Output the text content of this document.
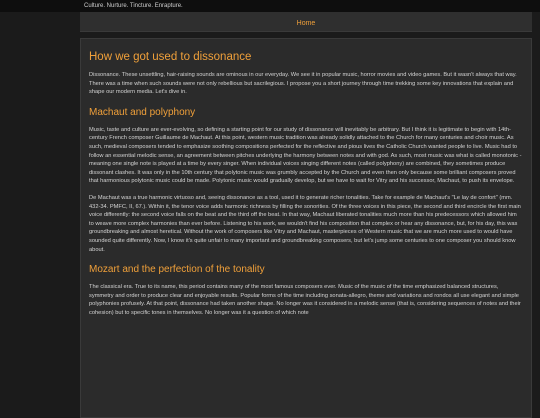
Culture. Nurture. Tincture. Enrapture.
Home
How we got used to dissonance

Dissonance. These unsettling, hair-raising sounds are ominous in our everyday. We see it in popular music, horror movies and video games. But it wasn't always that way. There was a time when such sounds were not only rebellious but sacrilegious. I propose you a short journey through time trekking some key innovations that explain and shape our modern media. Let's dive in.

Machaut and polyphony

Music, taste and culture are ever-evolving, so defining a starting point for our study of dissonance will inevitably be arbitrary. But I think it is legitimate to begin with 14th-century French composer Guillaume de Machaut. At this point, western music tradition was already solidly attached to the Church for many centuries and choir music. As such, medieval composers tended to emphasize soothing compositions perfected for the reflective and pious lives the Catholic Church wanted people to live. Music had to follow an essential melodic sense, an agreement between pitches underlying the harmony between notes and with god. As such, most music was what is called monotonic - meaning one single note is played at a time by every singer. When individual voices singing different notes (called polyphony) are combined, they sometimes produce dissonant clashes. It was only in the 10th century that polytonic music was grumbly accepted by the Church and even then only because some brilliant composers proved that harmonious polytonic music could be made. Polytonic music would gradually develop, but we have to wait for Vitry and his successor, Machaut, to push its envelope.

De Machaut was a true harmonic virtuoso and, seeing dissonance as a tool, used it to generate richer tonalities. Take for example de Machaut's "Le lay de confort" (mm. 432-34. PMFC, II, 67.). Within it, the tenor voice adds harmonic richness by filling the sonorities. Of the three voices in this piece, the second and third encircle the first main voice differently: the second voice falls on the beat and the third off the beat. In that way, Machaut liberated tonalities much more than his predecessors which allowed him to weave more complex harmonies than ever before. Listening to his work, we wouldn't find his composition that complex or hear any dissonance, but, for his day, this was groundbreaking and almost heretical. Without the work of composers like Vitry and Machaut, masterpieces of Western music that we are much more used to would have sounded quite differently. Now, I know it's quite unfair to many important and groundbreaking composers, but let's jump some centuries to one composer you should know about.

Mozart and the perfection of the tonality

The classical era. True to its name, this period contains many of the most famous composers ever. Music of the music of the time emphasized balanced structures, symmetry and order to produce clear and enjoyable results. Popular forms of the time including sonata-allegro, theme and variations and rondos all use elegant and simple polyphonies profusely. At that point, dissonance had taken another shape. No longer was it considered in a melodic sense (that is, considering sequences of notes and their cohesion) but to specific tones in themselves. No longer was it a question of which note
